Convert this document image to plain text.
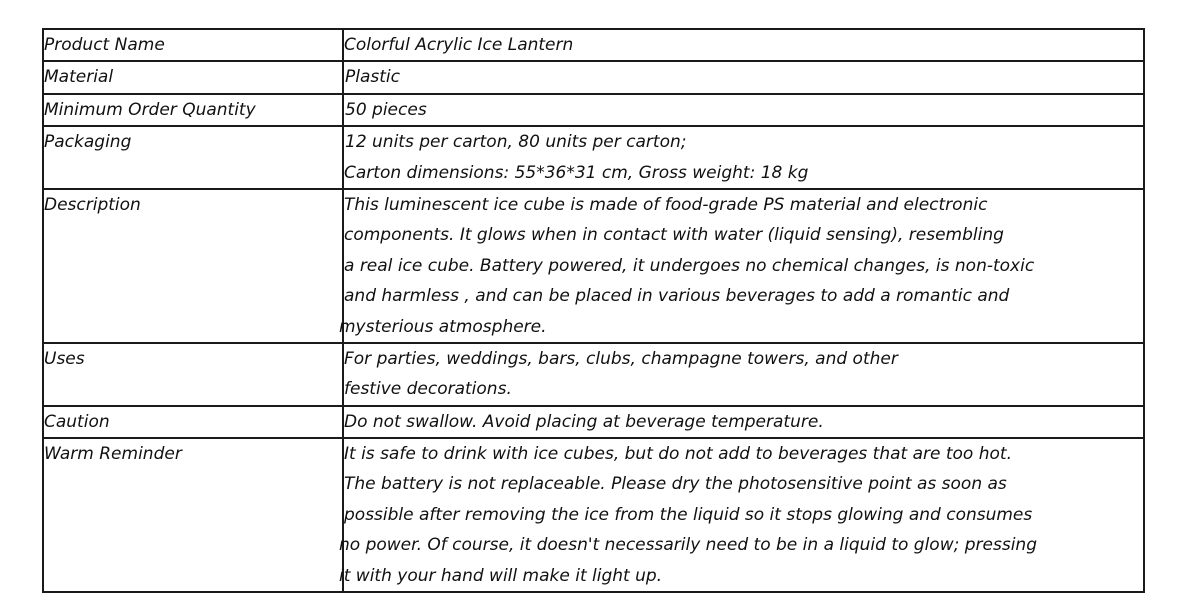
Product Name	Colorful Acrylic Ice Lantern

Material	Plastic

Minimum Order Quantity	50 pieces

Packaging	12 units per carton, 80 units per carton;
Carton dimensions: 55*36*31 cm, Gross weight: 18 kg

Description	This luminescent ice cube is made of food-grade PS material and electronic
components. It glows when in contact with water (liquid sensing), resembling
a real ice cube. Battery powered, it undergoes no chemical changes, is non-toxic
and harmless , and can be placed in various beverages to add a romantic and
mysterious atmosphere.

Uses	For parties, weddings, bars, clubs, champagne towers, and other
festive decorations.

Caution	Do not swallow. Avoid placing at beverage temperature.

Warm Reminder	It is safe to drink with ice cubes, but do not add to beverages that are too hot.
The battery is not replaceable. Please dry the photosensitive point as soon as
possible after removing the ice from the liquid so it stops glowing and consumes
no power. Of course, it doesn't necessarily need to be in a liquid to glow; pressing
it with your hand will make it light up.
